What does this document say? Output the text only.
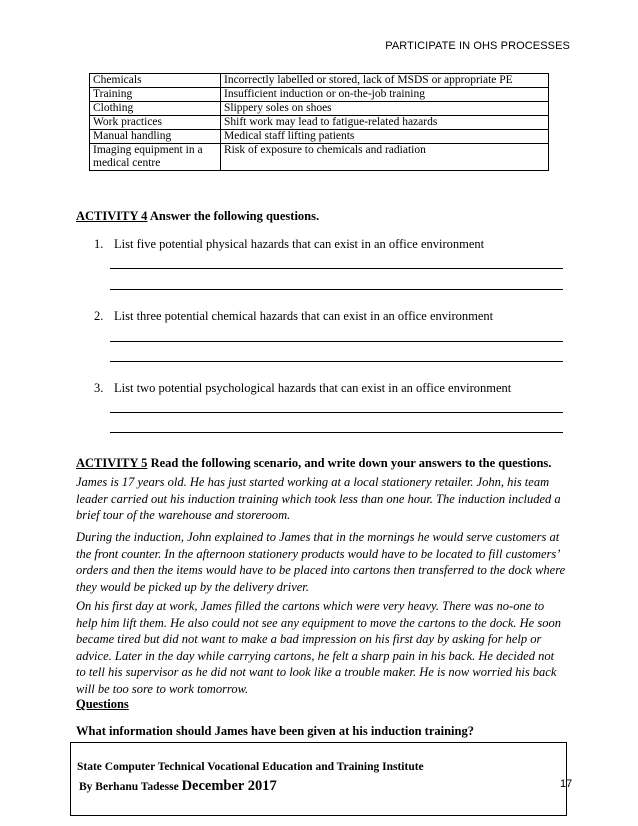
PARTICIPATE IN OHS PROCESSES
Chemicals	Incorrectly labelled or stored, lack of MSDS or appropriate PE
Training	Insufficient induction or on-the-job training
Clothing	Slippery soles on shoes
Work practices	Shift work may lead to fatigue-related hazards
Manual handling	Medical staff lifting patients
Imaging equipment in a medical centre	Risk of exposure to chemicals and radiation
ACTIVITY 4 Answer the following questions.
1. List five potential physical hazards that can exist in an office environment
2. List three potential chemical hazards that can exist in an office environment
3. List two potential psychological hazards that can exist in an office environment
ACTIVITY 5 Read the following scenario, and write down your answers to the questions.

James is 17 years old. He has just started working at a local stationery retailer. John, his team leader carried out his induction training which took less than one hour. The induction included a brief tour of the warehouse and storeroom.

During the induction, John explained to James that in the mornings he would serve customers at the front counter. In the afternoon stationery products would have to be located to fill customers’ orders and then the items would have to be placed into cartons then transferred to the dock where they would be picked up by the delivery driver.

On his first day at work, James filled the cartons which were very heavy. There was no-one to help him lift them. He also could not see any equipment to move the cartons to the dock. He soon became tired but did not want to make a bad impression on his first day by asking for help or advice. Later in the day while carrying cartons, he felt a sharp pain in his back. He decided not to tell his supervisor as he did not want to look like a trouble maker. He is now worried his back will be too sore to work tomorrow.

Questions
What information should James have been given at his induction training?
State Computer Technical Vocational Education and Training Institute
By Berhanu Tadesse December 2017	17
